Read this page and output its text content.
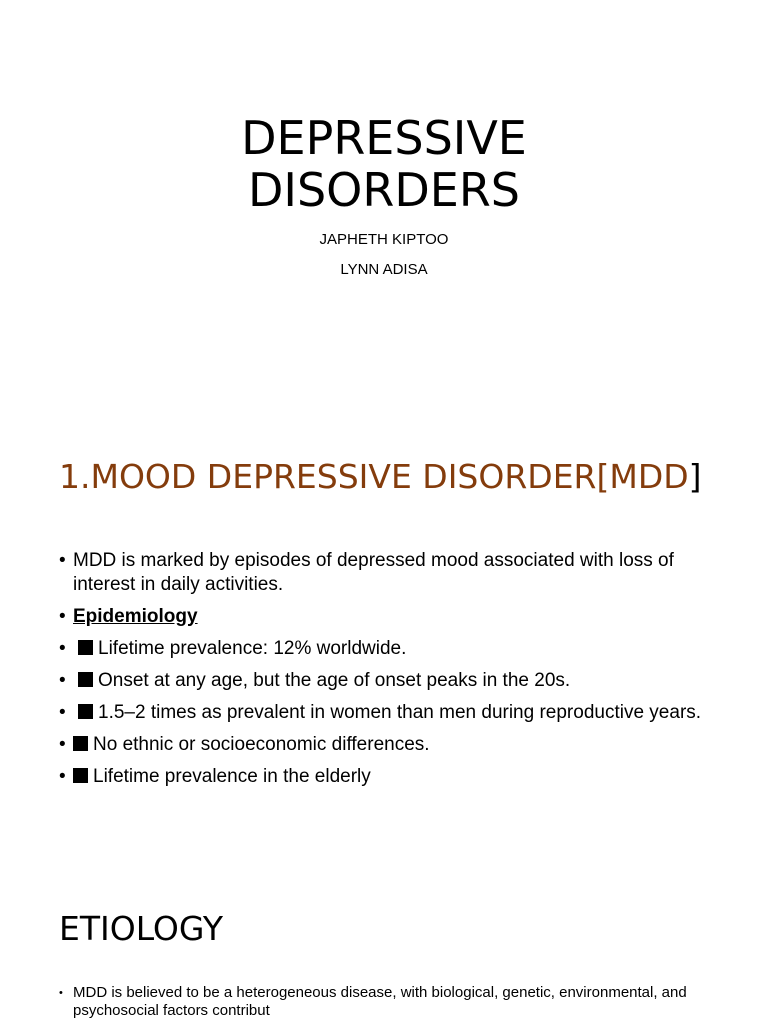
DEPRESSIVE
DISORDERS
JAPHETH KIPTOO
LYNN ADISA
1.MOOD DEPRESSIVE DISORDER[MDD]
• MDD is marked by episodes of depressed mood associated with loss of interest in daily activities.
• Epidemiology
• Lifetime prevalence: 12% worldwide.
• Onset at any age, but the age of onset peaks in the 20s.
• 1.5–2 times as prevalent in women than men during reproductive years.
• No ethnic or socioeconomic differences.
• Lifetime prevalence in the elderly
ETIOLOGY
• MDD is believed to be a heterogeneous disease, with biological, genetic, environmental, and psychosocial factors contribut
